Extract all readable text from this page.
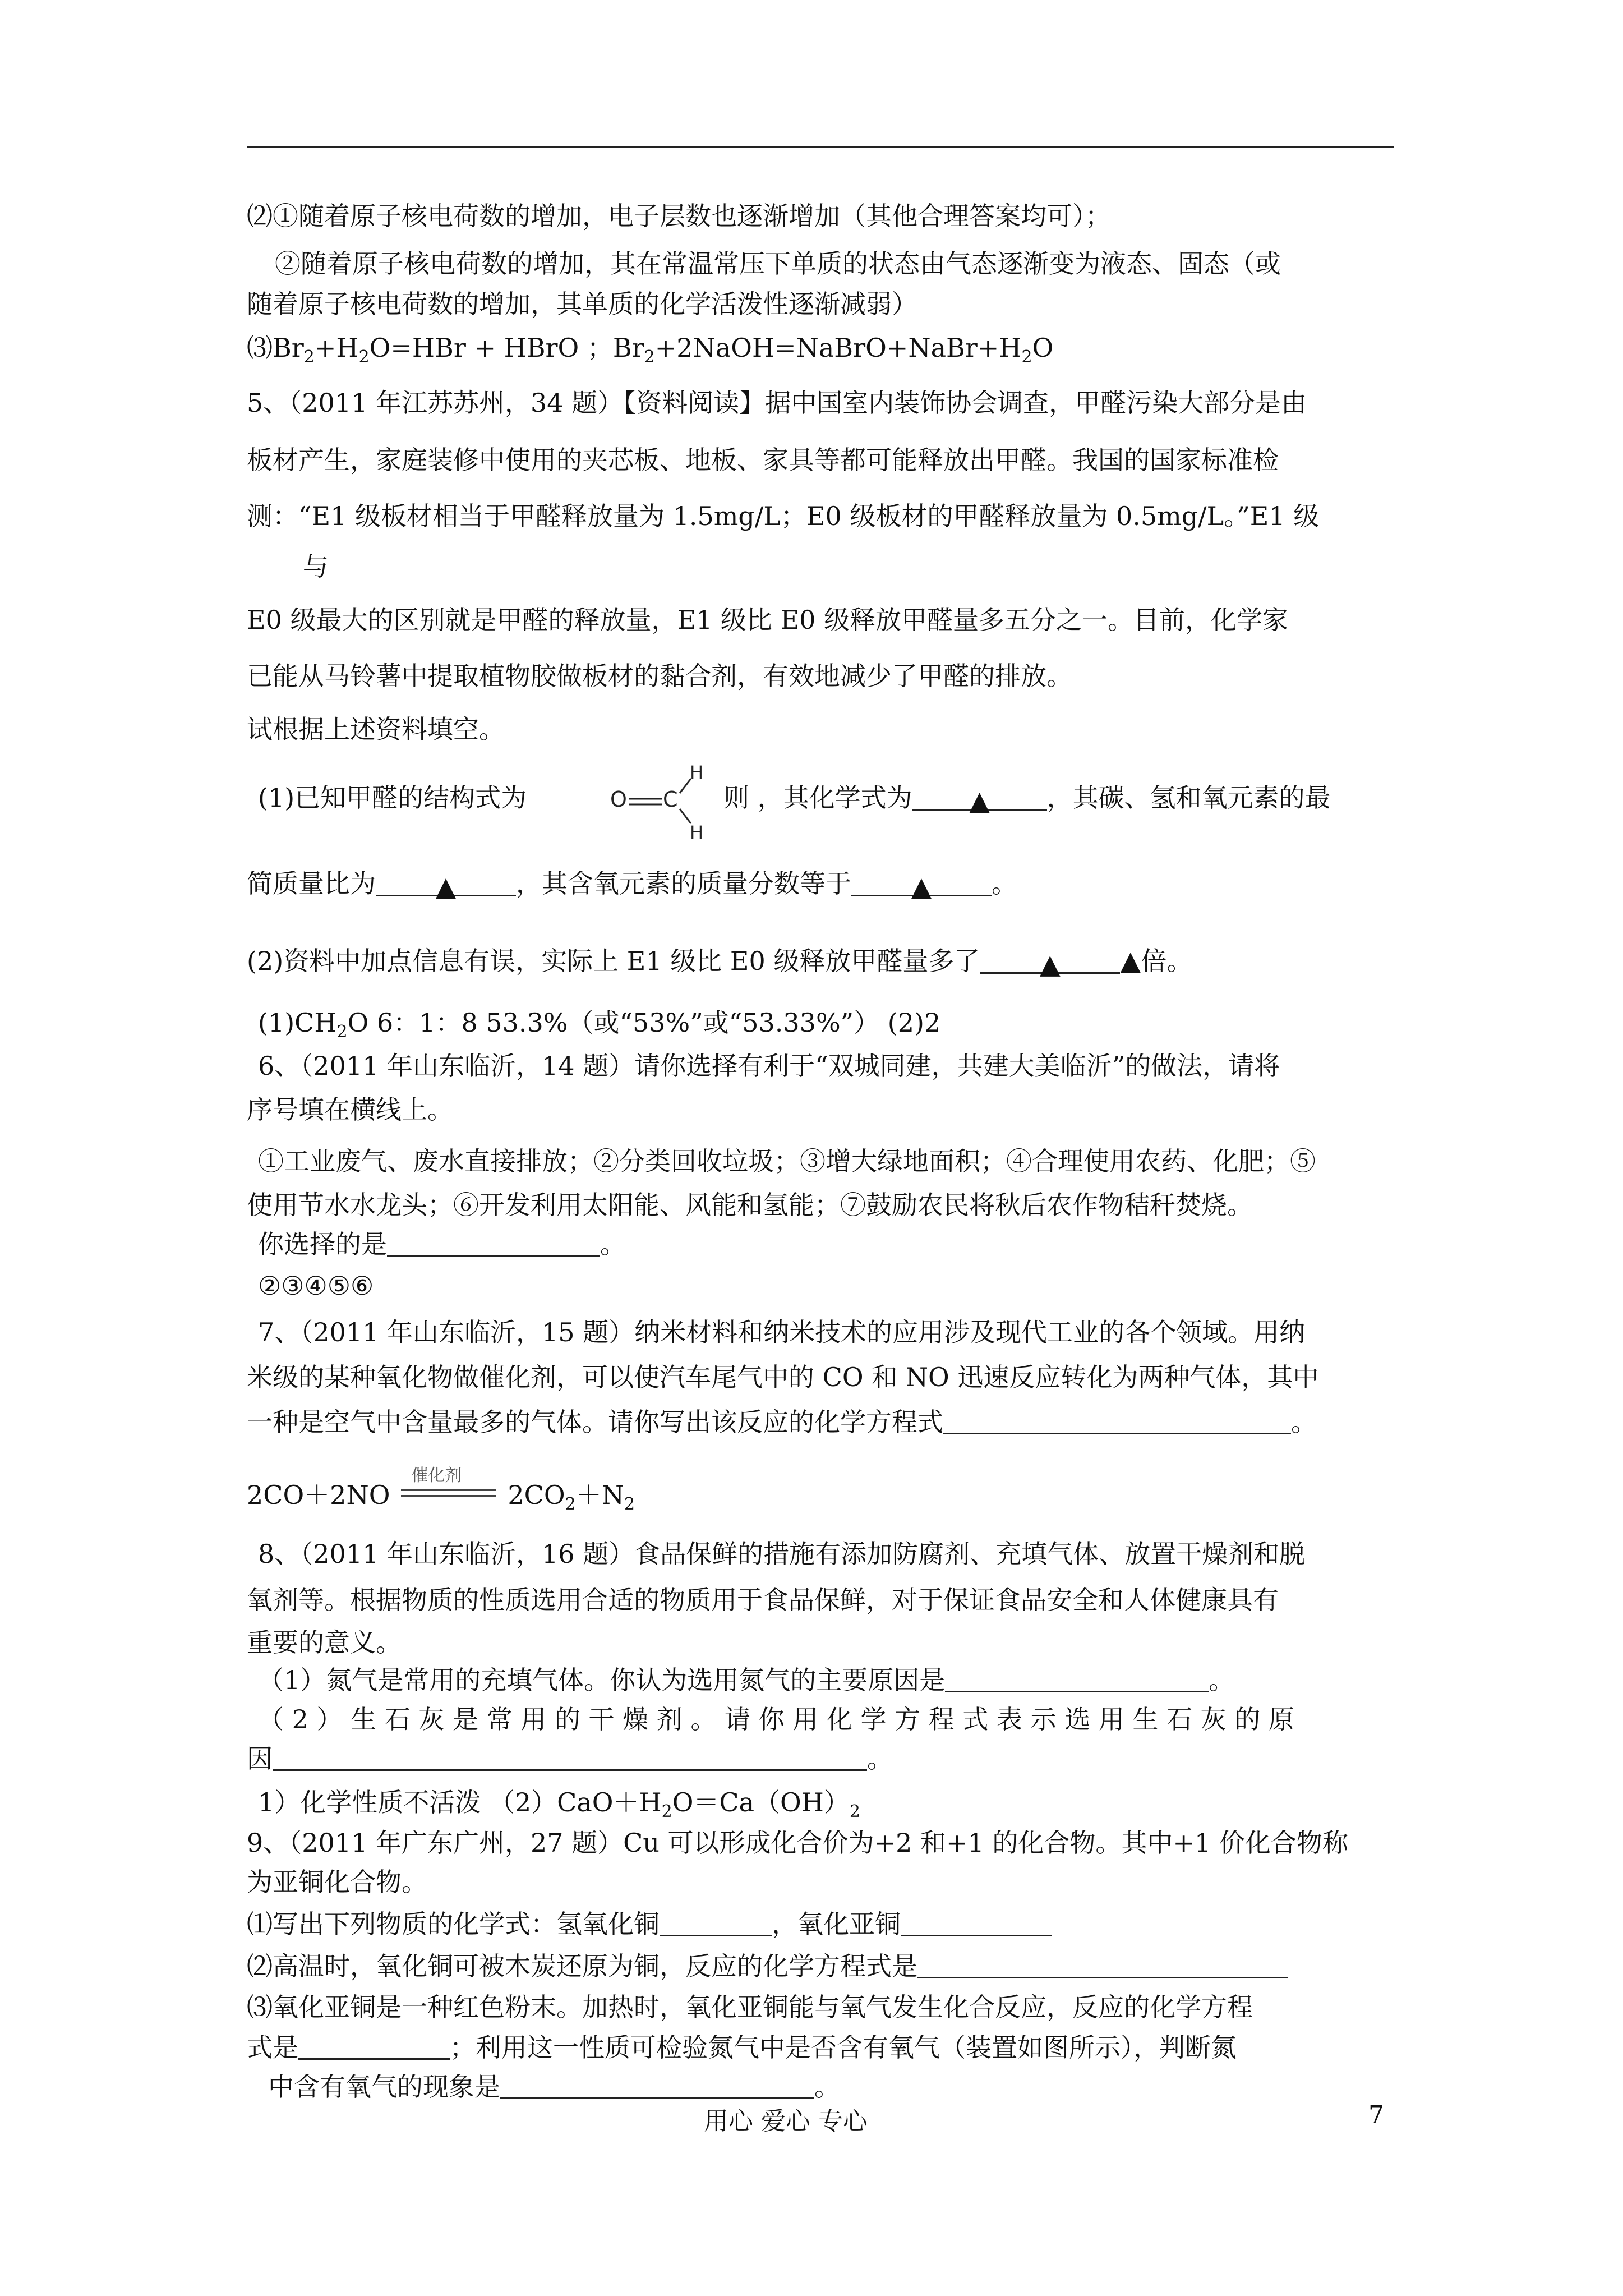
⑵①随着原子核电荷数的增加，电子层数也逐渐增加（其他合理答案均可）；
②随着原子核电荷数的增加，其在常温常压下单质的状态由气态逐渐变为液态、固态（或
随着原子核电荷数的增加，其单质的化学活泼性逐渐减弱）
$⑶Br_2+H_2O=HBr$ + HBrO ；$Br_2+2NaOH=NaBrO+NaBr+H_2O$
5、（2011 年江苏苏州，34 题）【资料阅读】据中国室内装饰协会调查，甲醛污染大部分是由
板材产生，家庭装修中使用的夹芯板、地板、家具等都可能释放出甲醛。我国的国家标准检
测：“E1 级板材相当于甲醛释放量为 1.5mg/L；E0 级板材的甲醛释放量为 0.5mg/L。”E1 级
与
E0 级最大的区别就是甲醛的释放量，E1 级比 E0 级释放甲醛量多五分之一。目前，化学家
已能从马铃薯中提取植物胶做板材的黏合剂，有效地减少了甲醛的排放。
试根据上述资料填空。
(1)已知甲醛的结构式为	O C
H
H
则 ，其化学式为 ▲ ，其碳、氢和氧元素的最
简质量比为 ▲ ，其含氧元素的质量分数等于 ▲ 。
(2)资料中加点信息有误，实际上 E1 级比 E0 级释放甲醛量多了 ▲ ▲倍。
$(1)CH_2O$ 6：1：8 53.3%（或“53%”或“53.33%”） (2)2
6、（2011 年山东临沂，14 题）请你选择有利于“双城同建，共建大美临沂”的做法，请将
序号填在横线上。
①工业废气、废水直接排放；②分类回收垃圾；③增大绿地面积；④合理使用农药、化肥；⑤
使用节水水龙头；⑥开发利用太阳能、风能和氢能；⑦鼓励农民将秋后农作物秸秆焚烧。
你选择的是	。
②③④⑤⑥
7、（2011 年山东临沂，15 题）纳米材料和纳米技术的应用涉及现代工业的各个领域。用纳
米级的某种氧化物做催化剂，可以使汽车尾气中的 CO 和 NO 迅速反应转化为两种气体，其中
一种是空气中含量最多的气体。请你写出该反应的化学方程式	。
2CO＋2NO
催化剂
$2CO_2+N_2$
8、（2011 年山东临沂，16 题）食品保鲜的措施有添加防腐剂、充填气体、放置干燥剂和脱
氧剂等。根据物质的性质选用合适的物质用于食品保鲜，对于保证食品安全和人体健康具有
重要的意义。
（1）氮气是常用的充填气体。你认为选用氮气的主要原因是	。
（ 2 ） 生 石 灰 是 常 用 的 干 燥 剂 。 请 你 用 化 学 方 程 式 表 示 选 用 生 石 灰 的 原
因	。
1）化学性质不活泼 $(2)CaO+H_2O=Ca(OH)_2$
9、（2011 年广东广州，27 题）Cu 可以形成化合价为+2 和+1 的化合物。其中+1 价化合物称
为亚铜化合物。
⑴写出下列物质的化学式：氢氧化铜	，氧化亚铜
⑵高温时，氧化铜可被木炭还原为铜，反应的化学方程式是
⑶氧化亚铜是一种红色粉末。加热时，氧化亚铜能与氧气发生化合反应，反应的化学方程
式是	；利用这一性质可检验氮气中是否含有氧气（装置如图所示），判断氮
中含有氧气的现象是	。
用心 爱心 专心	7
